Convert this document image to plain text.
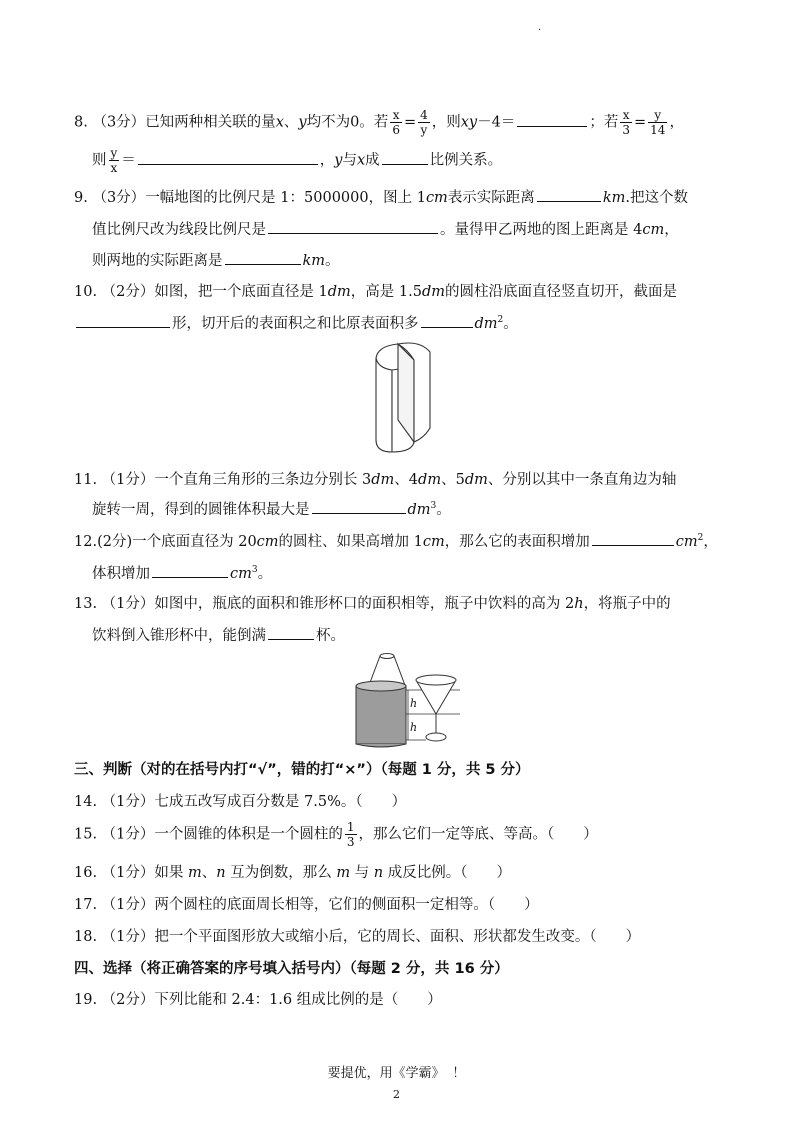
.
8. （3分）已知两种相关联的量x、y均不为0。若 $\frac{x}{6} = \frac{4}{y}$ ，则xy－4＝	；若 $\frac{x}{3} = \frac{y}{14}$ ，
则 $\frac{y}{x}$ ＝	，y与x成	比例关系。
9. （3分）一幅地图的比例尺是 1：5000000，图上 1cm表示实际距离	km.把这个数
值比例尺改为线段比例尺是	。量得甲乙两地的图上距离是 4cm，
则两地的实际距离是	km。
10. （2分）如图，把一个底面直径是 1dm，高是 1.5dm的圆柱沿底面直径竖直切开，截面是
形，切开后的表面积之和比原表面积多	$dm^2$。
11. （1分）一个直角三角形的三条边分别长 3dm、4dm、5dm、分别以其中一条直角边为轴
旋转一周，得到的圆锥体积最大是	$dm^3$。
12.(2分)一个底面直径为 20cm的圆柱、如果高增加 1cm，那么它的表面积增加	$cm^2$，
体积增加	$cm^3$。
13. （1分）如图中，瓶底的面积和锥形杯口的面积相等，瓶子中饮料的高为 2h，将瓶子中的
饮料倒入锥形杯中，能倒满	杯。
h
h
三、判断（对的在括号内打“√”，错的打“×”）（每题 1 分，共 5 分）
14. （1分）七成五改写成百分数是 7.5%。（　　）
15. （1分）一个圆锥的体积是一个圆柱的 $\frac{1}{3}$ ，那么它们一定等底、等高。（　　）
16. （1分）如果 m、n 互为倒数，那么 m 与 n 成反比例。（　　）
17. （1分）两个圆柱的底面周长相等，它们的侧面积一定相等。（　　）
18. （1分）把一个平面图形放大或缩小后，它的周长、面积、形状都发生改变。（　　）
四、选择（将正确答案的序号填入括号内）（每题 2 分，共 16 分）
19. （2分）下列比能和 2.4：1.6 组成比例的是（　　）
要提优，用《学霸》 ！
2
